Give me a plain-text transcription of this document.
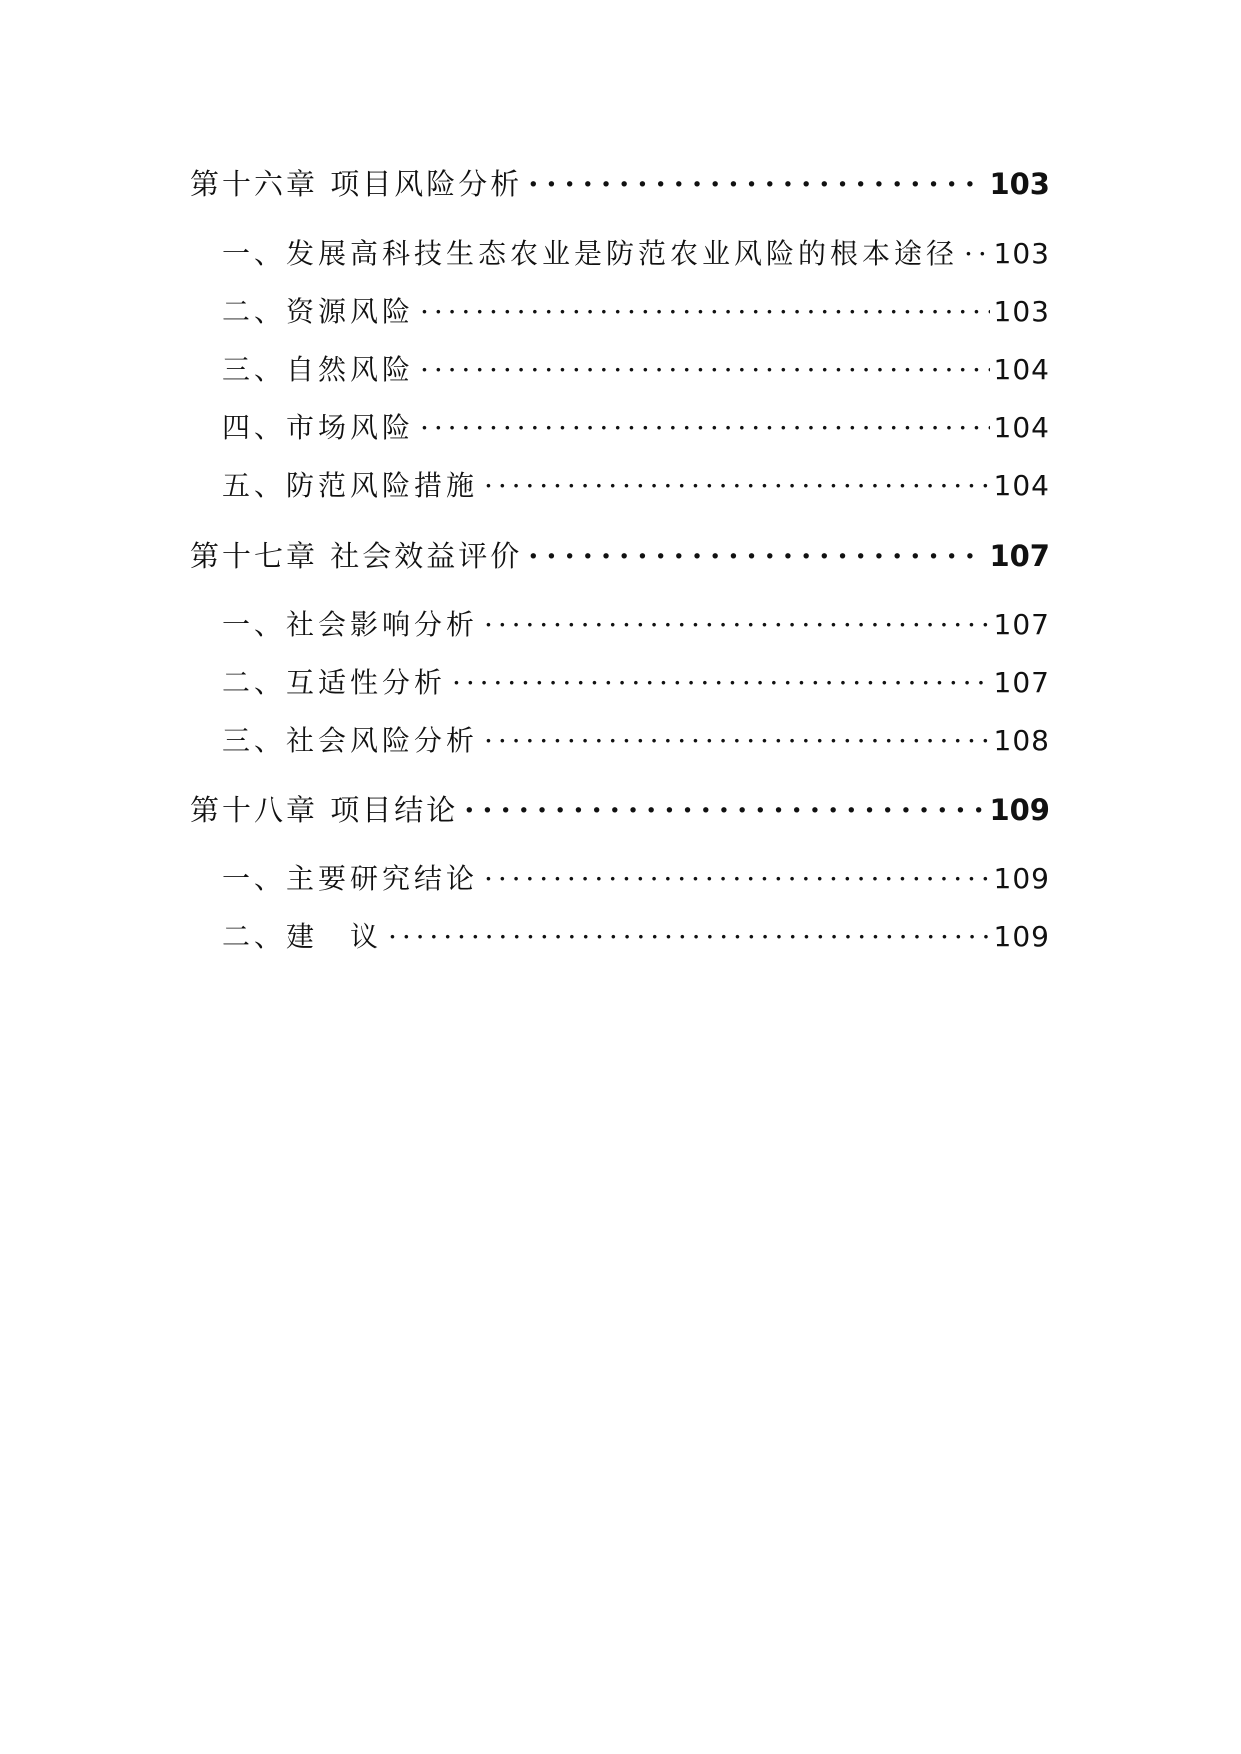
第十六章 项目风险分析 . . .	103
一、发展高科技生态农业是防范农业风险的根本途径 . . . 103
二、资源风险 . . .	103
三、自然风险 . . .	104
四、市场风险 . . .	104
五、防范风险措施 . . .	104
第十七章 社会效益评价 . . .	107
一、社会影响分析 . . .	107
二、互适性分析 . . .	107
三、社会风险分析 . . .	108
第十八章 项目结论 . . .	109
一、主要研究结论 . . .	109
二、建　议 . . .	109
